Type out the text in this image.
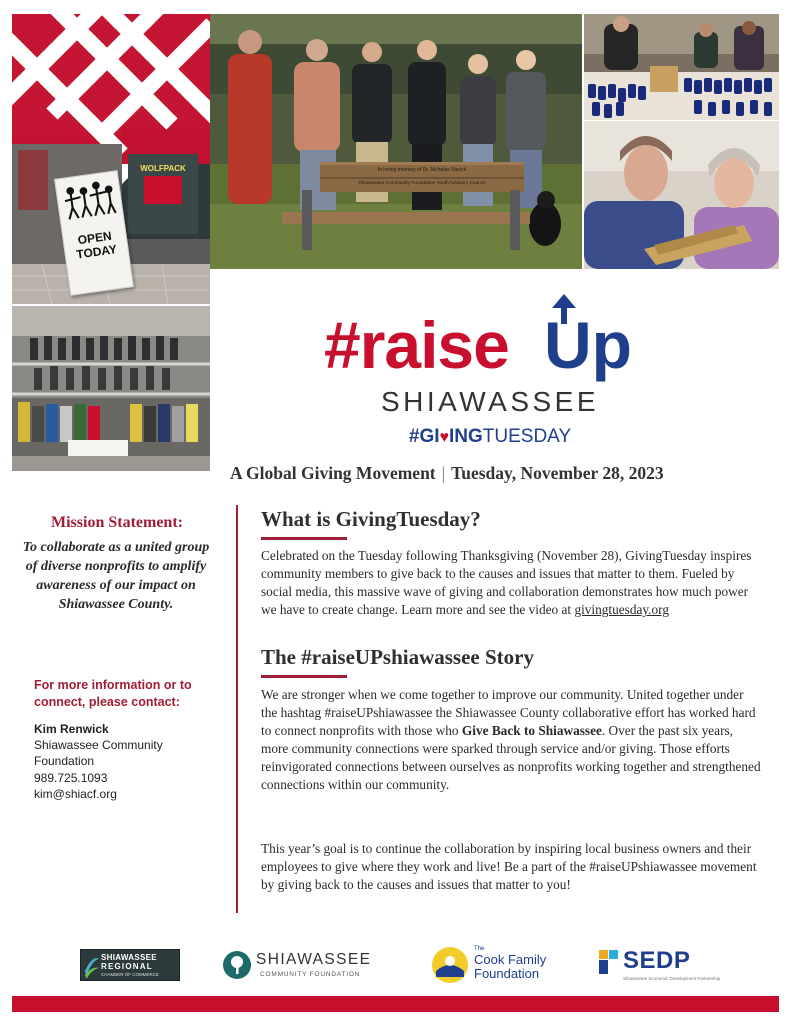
WOLFPACK
OPEN
TODAY
In loving memory of Dr. Nicholas Starick
Shiawassee Community Foundation Youth Advisory Council
#raise Up
SHIAWASSEE
#GI♥INGTUESDAY
A Global Giving Movement | Tuesday, November 28, 2023
Mission Statement:
To collaborate as a united group of diverse nonprofits to amplify awareness of our impact on Shiawassee County.
For more information or to connect, please contact:
Kim Renwick
Shiawassee Community
Foundation
989.725.1093
kim@shiacf.org
What is GivingTuesday?
Celebrated on the Tuesday following Thanksgiving (November 28), GivingTuesday inspires community members to give back to the causes and issues that matter to them. Fueled by social media, this massive wave of giving and collaboration demonstrates how much power we have to create change. Learn more and see the video at givingtuesday.org
The #raiseUPshiawassee Story
We are stronger when we come together to improve our community. United together under the hashtag #raiseUPshiawassee the Shiawassee County collaborative effort has worked hard to connect nonprofits with those who Give Back to Shiawassee. Over the past six years, more community connections were sparked through service and/or giving. Those efforts reinvigorated connections between ourselves as nonprofits working together and strengthened connections within our community.
This year’s goal is to continue the collaboration by inspiring local business owners and their employees to give where they work and live! Be a part of the #raiseUPshiawassee movement by giving back to the causes and issues that matter to you!
SHIAWASSEE
REGIONAL
CHAMBER OF COMMERCE
SHIAWASSEE
COMMUNITY FOUNDATION
The
Cook Family
Foundation	SEDP
Shiawassee Economic Development Partnership
